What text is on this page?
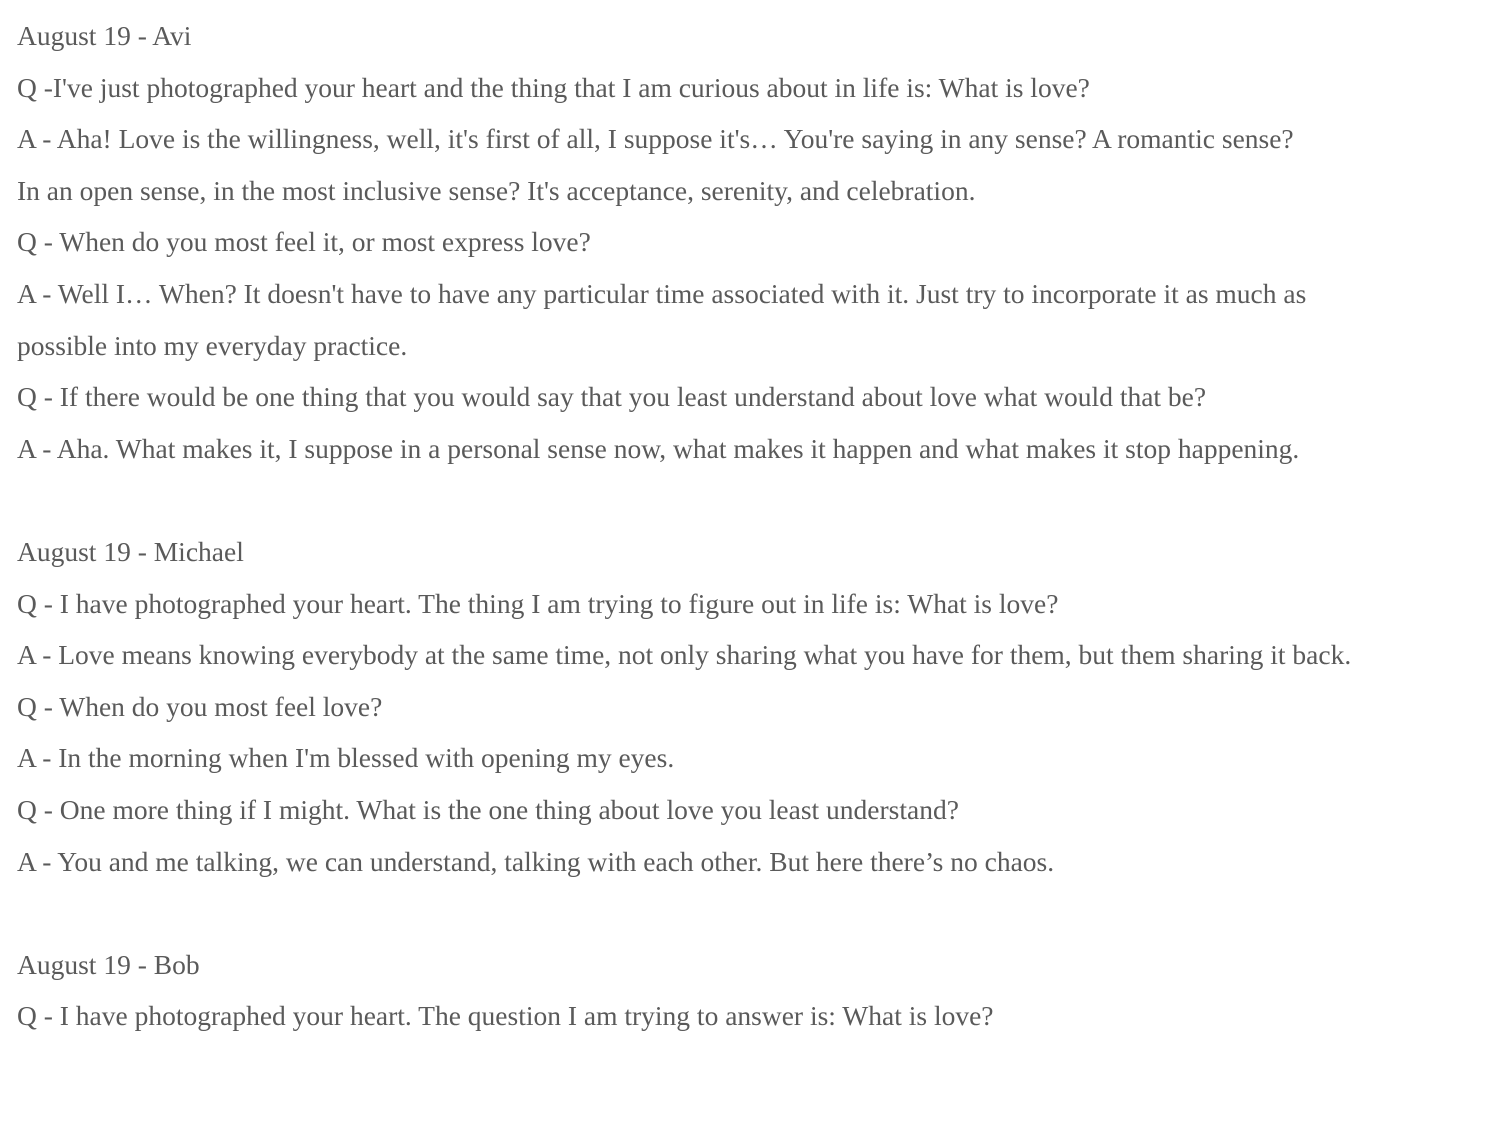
August 19 - Avi
Q -I've just photographed your heart and the thing that I am curious about in life is: What is love?
A - Aha! Love is the willingness, well, it's first of all, I suppose it's… You're saying in any sense? A romantic sense?
In an open sense, in the most inclusive sense? It's acceptance, serenity, and celebration.
Q - When do you most feel it, or most express love?
A - Well I… When? It doesn't have to have any particular time associated with it. Just try to incorporate it as much as
possible into my everyday practice.
Q - If there would be one thing that you would say that you least understand about love what would that be?
A - Aha. What makes it, I suppose in a personal sense now, what makes it happen and what makes it stop happening.
August 19 - Michael
Q - I have photographed your heart. The thing I am trying to figure out in life is: What is love?
A - Love means knowing everybody at the same time, not only sharing what you have for them, but them sharing it back.
Q - When do you most feel love?
A - In the morning when I'm blessed with opening my eyes.
Q - One more thing if I might. What is the one thing about love you least understand?
A - You and me talking, we can understand, talking with each other. But here there’s no chaos.
August 19 - Bob
Q - I have photographed your heart. The question I am trying to answer is: What is love?
